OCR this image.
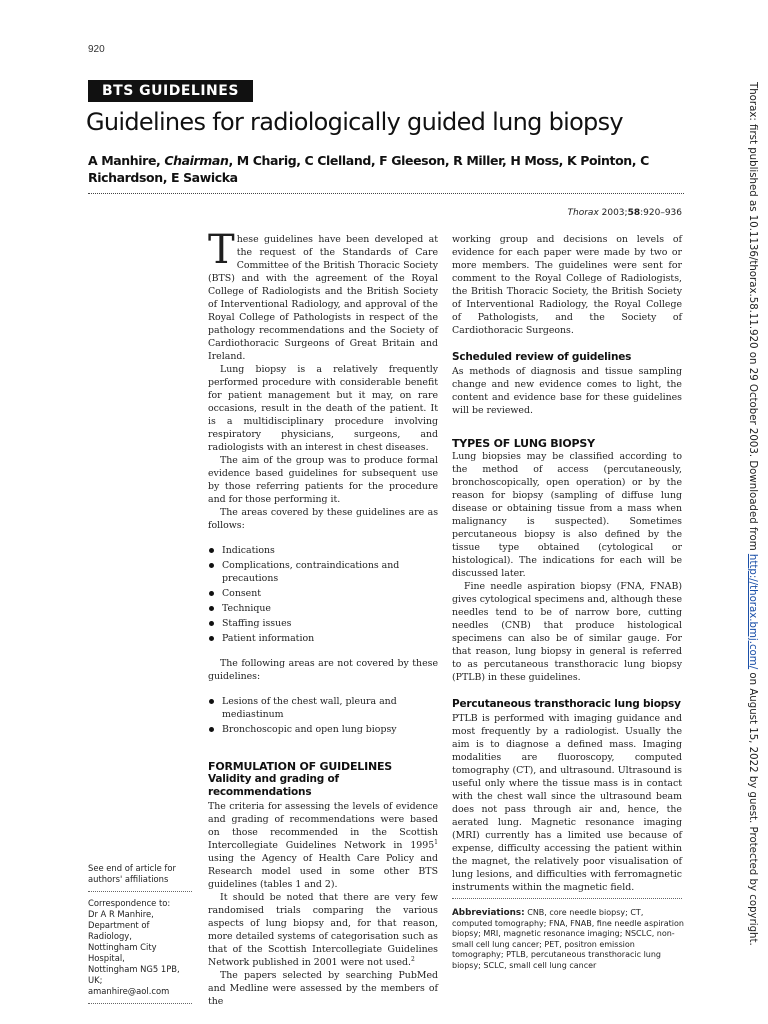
920
BTS GUIDELINES
Guidelines for radiologically guided lung biopsy
A Manhire, Chairman, M Charig, C Clelland, F Gleeson, R Miller, H Moss, K Pointon, C Richardson, E Sawicka
Thorax 2003;58:920–936

These guidelines have been developed at the request of the Standards of Care Committee of the British Thoracic Society (BTS) and with the agreement of the Royal College of Radiologists and the British Society of Interventional Radiology, and approval of the Royal College of Pathologists in respect of the pathology recommendations and the Society of Cardiothoracic Surgeons of Great Britain and Ireland.

Lung biopsy is a relatively frequently performed procedure with considerable benefit for patient management but it may, on rare occasions, result in the death of the patient. It is a multidisciplinary procedure involving respiratory physicians, surgeons, and radiologists with an interest in chest diseases.

The aim of the group was to produce formal evidence based guidelines for subsequent use by those referring patients for the procedure and for those performing it.

The areas covered by these guidelines are as follows:

Indications
Complications, contraindications and precautions
Consent
Technique
Staffing issues
Patient information

The following areas are not covered by these guidelines:

Lesions of the chest wall, pleura and mediastinum
Bronchoscopic and open lung biopsy
FORMULATION OF GUIDELINES
Validity and grading of recommendations

The criteria for assessing the levels of evidence and grading of recommendations were based on those recommended in the Scottish Intercollegiate Guidelines Network in 1995$^1$ using the Agency of Health Care Policy and Research model used in some other BTS guidelines (tables 1 and 2).

It should be noted that there are very few randomised trials comparing the various aspects of lung biopsy and, for that reason, more detailed systems of categorisation such as that of the Scottish Intercollegiate Guidelines Network published in 2001 were not used.$^2$

The papers selected by searching PubMed and Medline were assessed by the members of the

working group and decisions on levels of evidence for each paper were made by two or more members. The guidelines were sent for comment to the Royal College of Radiologists, the British Thoracic Society, the British Society of Interventional Radiology, the Royal College of Pathologists, and the Society of Cardiothoracic Surgeons.

Scheduled review of guidelines

As methods of diagnosis and tissue sampling change and new evidence comes to light, the content and evidence base for these guidelines will be reviewed.

TYPES OF LUNG BIOPSY

Lung biopsies may be classified according to the method of access (percutaneously, bronchoscopically, open operation) or by the reason for biopsy (sampling of diffuse lung disease or obtaining tissue from a mass when malignancy is suspected). Sometimes percutaneous biopsy is also defined by the tissue type obtained (cytological or histological). The indications for each will be discussed later.

Fine needle aspiration biopsy (FNA, FNAB) gives cytological specimens and, although these needles tend to be of narrow bore, cutting needles (CNB) that produce histological specimens can also be of similar gauge. For that reason, lung biopsy in general is referred to as percutaneous transthoracic lung biopsy (PTLB) in these guidelines.

Percutaneous transthoracic lung biopsy

PTLB is performed with imaging guidance and most frequently by a radiologist. Usually the aim is to diagnose a defined mass. Imaging modalities are fluoroscopy, computed tomography (CT), and ultrasound. Ultrasound is useful only where the tissue mass is in contact with the chest wall since the ultrasound beam does not pass through air and, hence, the aerated lung. Magnetic resonance imaging (MRI) currently has a limited use because of expense, difficulty accessing the patient within the magnet, the relatively poor visualisation of lung lesions, and difficulties with ferromagnetic instruments within the magnetic field.

See end of article for authors' affiliations
Correspondence to:
Dr A R Manhire,
Department of Radiology,
Nottingham City Hospital,
Nottingham NG5 1PB, UK;
amanhire@aol.com
Abbreviations: CNB, core needle biopsy; CT, computed tomography; FNA, FNAB, fine needle aspiration biopsy; MRI, magnetic resonance imaging; NSCLC, non-small cell lung cancer; PET, positron emission tomography; PTLB, percutaneous transthoracic lung biopsy; SCLC, small cell lung cancer
Thorax: first published as 10.1136/thorax.58.11.920 on 29 October 2003. Downloaded from http://thorax.bmj.com/ on August 15, 2022 by guest. Protected by copyright.
